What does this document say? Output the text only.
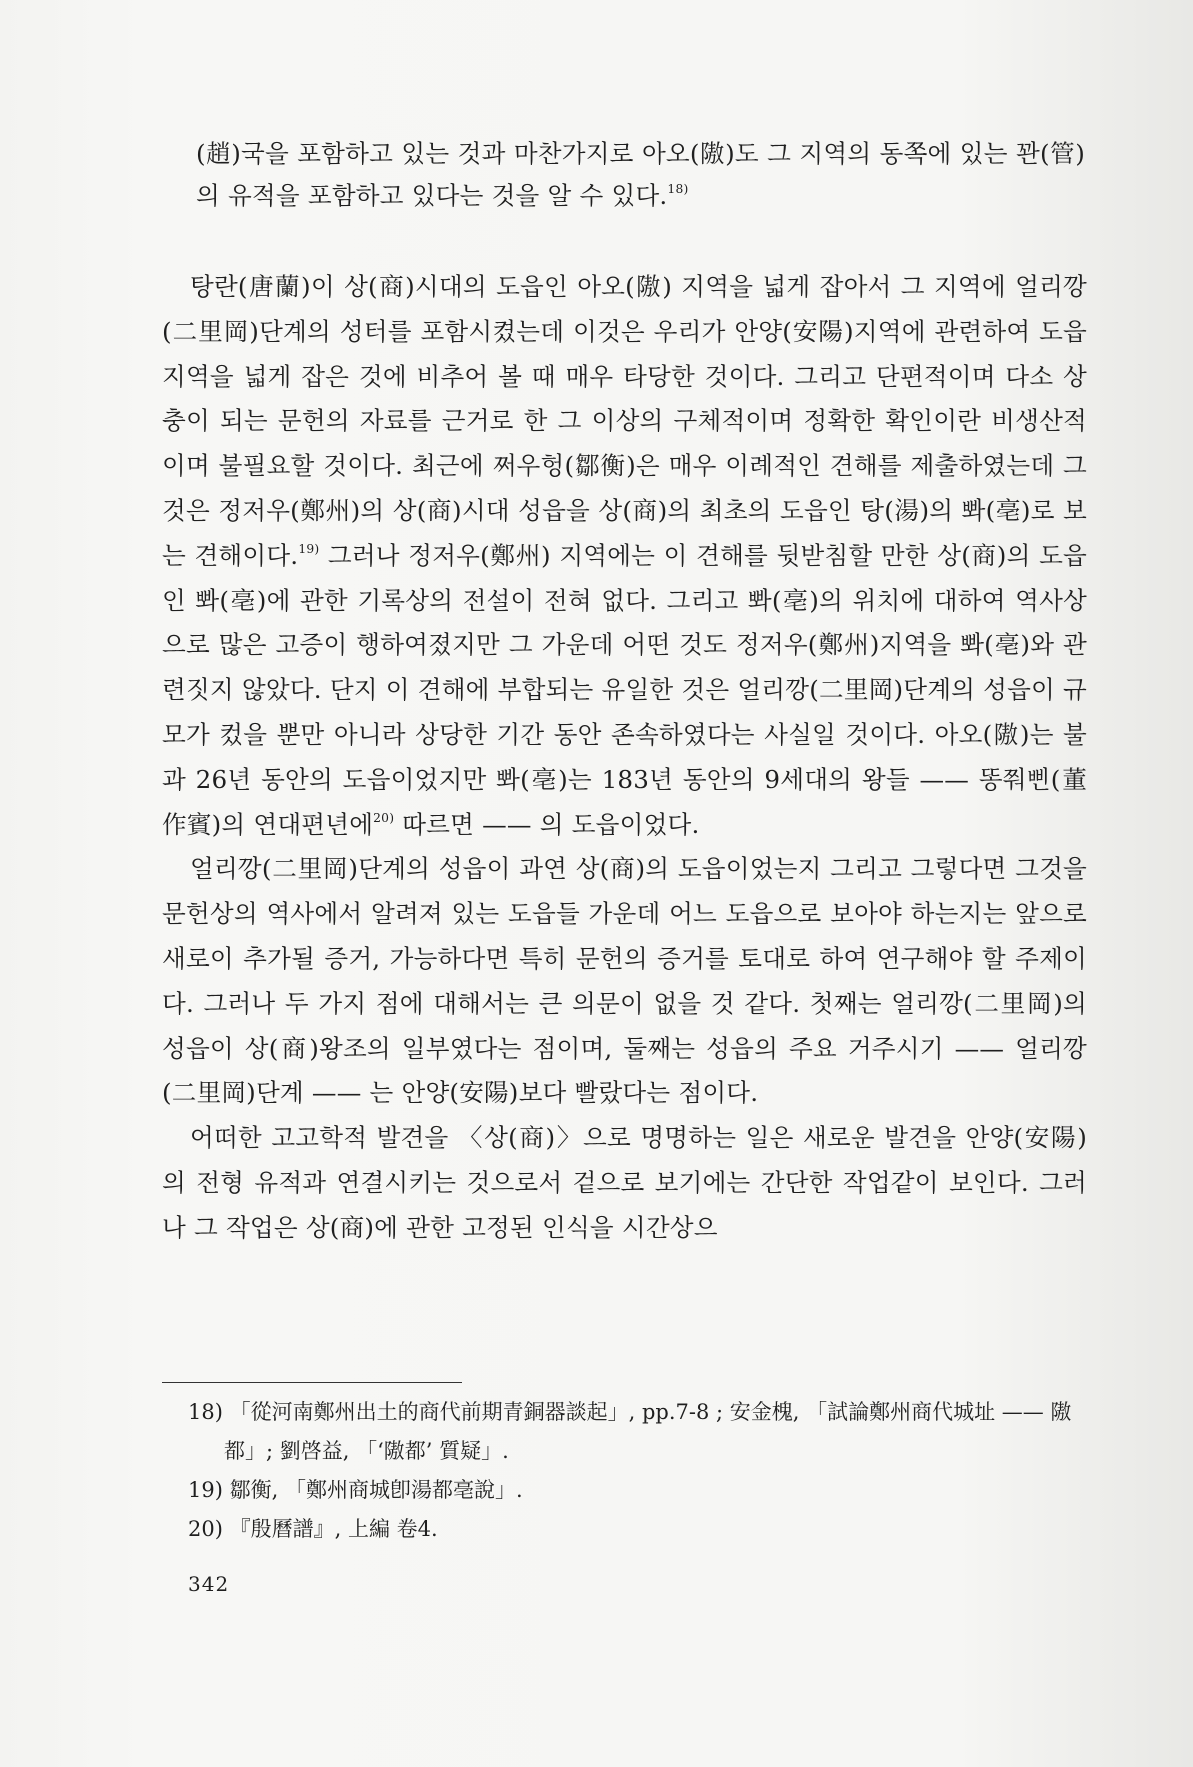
(趙)국을 포함하고 있는 것과 마찬가지로 아오(隞)도 그 지역의 동쪽에 있는 꽌(管)의 유적을 포함하고 있다는 것을 알 수 있다.$^{18)}$

탕란(唐蘭)이 상(商)시대의 도읍인 아오(隞) 지역을 넓게 잡아서 그 지역에 얼리깡(二里岡)단계의 성터를 포함시켰는데 이것은 우리가 안양(安陽)지역에 관련하여 도읍지역을 넓게 잡은 것에 비추어 볼 때 매우 타당한 것이다. 그리고 단편적이며 다소 상충이 되는 문헌의 자료를 근거로 한 그 이상의 구체적이며 정확한 확인이란 비생산적이며 불필요할 것이다. 최근에 쩌우헝(鄒衡)은 매우 이례적인 견해를 제출하였는데 그것은 정저우(鄭州)의 상(商)시대 성읍을 상(商)의 최초의 도읍인 탕(湯)의 뽜(亳)로 보는 견해이다.$^{19)}$ 그러나 정저우(鄭州) 지역에는 이 견해를 뒷받침할 만한 상(商)의 도읍인 뽜(亳)에 관한 기록상의 전설이 전혀 없다. 그리고 뽜(亳)의 위치에 대하여 역사상으로 많은 고증이 행하여졌지만 그 가운데 어떤 것도 정저우(鄭州)지역을 뽜(亳)와 관련짓지 않았다. 단지 이 견해에 부합되는 유일한 것은 얼리깡(二里岡)단계의 성읍이 규모가 컸을 뿐만 아니라 상당한 기간 동안 존속하였다는 사실일 것이다. 아오(隞)는 불과 26년 동안의 도읍이었지만 뽜(亳)는 183년 동안의 9세대의 왕들 —— 똥쭤삔(董作賓)의 연대편년에$^{20)}$ 따르면 —— 의 도읍이었다.

얼리깡(二里岡)단계의 성읍이 과연 상(商)의 도읍이었는지 그리고 그렇다면 그것을 문헌상의 역사에서 알려져 있는 도읍들 가운데 어느 도읍으로 보아야 하는지는 앞으로 새로이 추가될 증거, 가능하다면 특히 문헌의 증거를 토대로 하여 연구해야 할 주제이다. 그러나 두 가지 점에 대해서는 큰 의문이 없을 것 같다. 첫째는 얼리깡(二里岡)의 성읍이 상(商)왕조의 일부였다는 점이며, 둘째는 성읍의 주요 거주시기 —— 얼리깡(二里岡)단계 —— 는 안양(安陽)보다 빨랐다는 점이다.

어떠한 고고학적 발견을 〈상(商)〉으로 명명하는 일은 새로운 발견을 안양(安陽)의 전형 유적과 연결시키는 것으로서 겉으로 보기에는 간단한 작업같이 보인다. 그러나 그 작업은 상(商)에 관한 고정된 인식을 시간상으

18) 「從河南鄭州出土的商代前期青銅器談起」, pp.7-8 ; 安金槐, 「試論鄭州商代城址 —— 隞都」; 劉啓益, 「‘隞都’ 質疑」.

19) 鄒衡, 「鄭州商城卽湯都亳說」.

20) 『殷曆譜』, 上編 卷4.

342
